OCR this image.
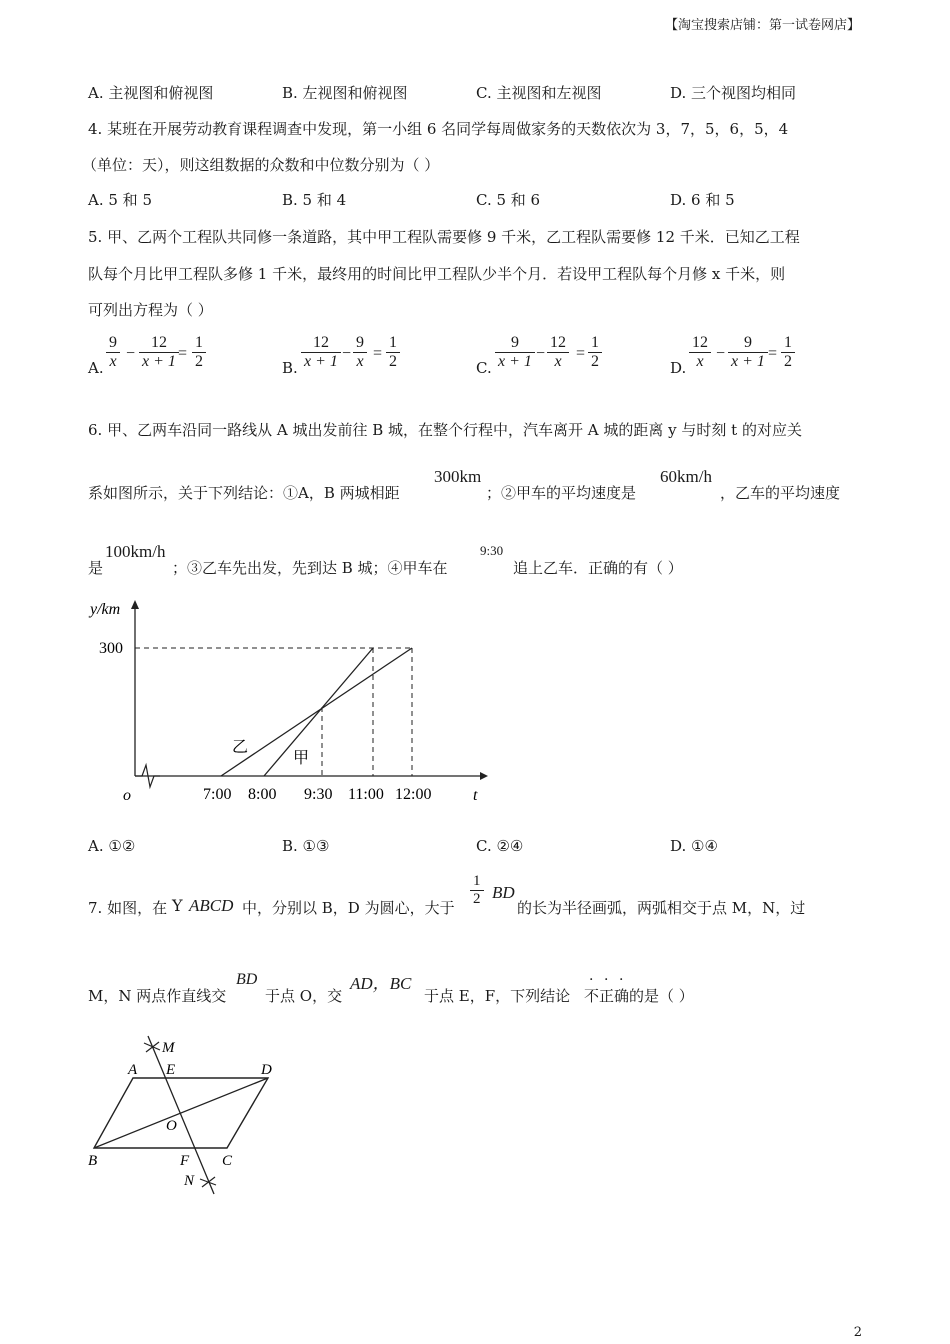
【淘宝搜索店铺：第一试卷网店】
A. 主视图和俯视图	B. 左视图和俯视图	C. 主视图和左视图	D. 三个视图均相同
4. 某班在开展劳动教育课程调查中发现，第一小组 6 名同学每周做家务的天数依次为 3，7，5，6，5，4
（单位：天），则这组数据的众数和中位数分别为（ ）
A. 5 和 5	B. 5 和 4	C. 5 和 6	D. 6 和 5
5. 甲、乙两个工程队共同修一条道路，其中甲工程队需要修 9 千米，乙工程队需要修 12 千米．已知乙工程
队每个月比甲工程队多修 1 千米，最终用的时间比甲工程队少半个月．若设甲工程队每个月修 x 千米，则
可列出方程为（ ）
A. $\frac{9}{x} - \frac{12}{x + 1} = \frac{1}{2}$	B. $\frac{12}{x + 1} - \frac{9}{x} = \frac{1}{2}$	C. $\frac{9}{x + 1} - \frac{12}{x} = \frac{1}{2}$	D. $\frac{12}{x} - \frac{9}{x + 1} = \frac{1}{2}$
6. 甲、乙两车沿同一路线从 A 城出发前往 B 城，在整个行程中，汽车离开 A 城的距离 y 与时刻 t 的对应关
系如图所示，关于下列结论：①A，B 两城相距
300km
；②甲车的平均速度是
60km/h
，乙车的平均速度
是
100km/h
；③乙车先出发，先到达 B 城；④甲车在
9:30
追上乙车．正确的有（ ）
y/km
300
t
o	7:00 8:00 9:30 11:00 12:00
乙
甲
A. ①②	B. ①③	C. ②④	D. ①④
7. 如图，在 Y ABCD 中，分别以 B，D 为圆心，大于 $\frac{1}{2}$ BD
的长为半径画弧，两弧相交于点 M，N，过
M，N 两点作直线交
BD
于点 O，交
AD，BC
于点 E，F，下列结论 不 正 确 的是（ ）
· · ·
M
A E	D
O
B	F C
N
2
